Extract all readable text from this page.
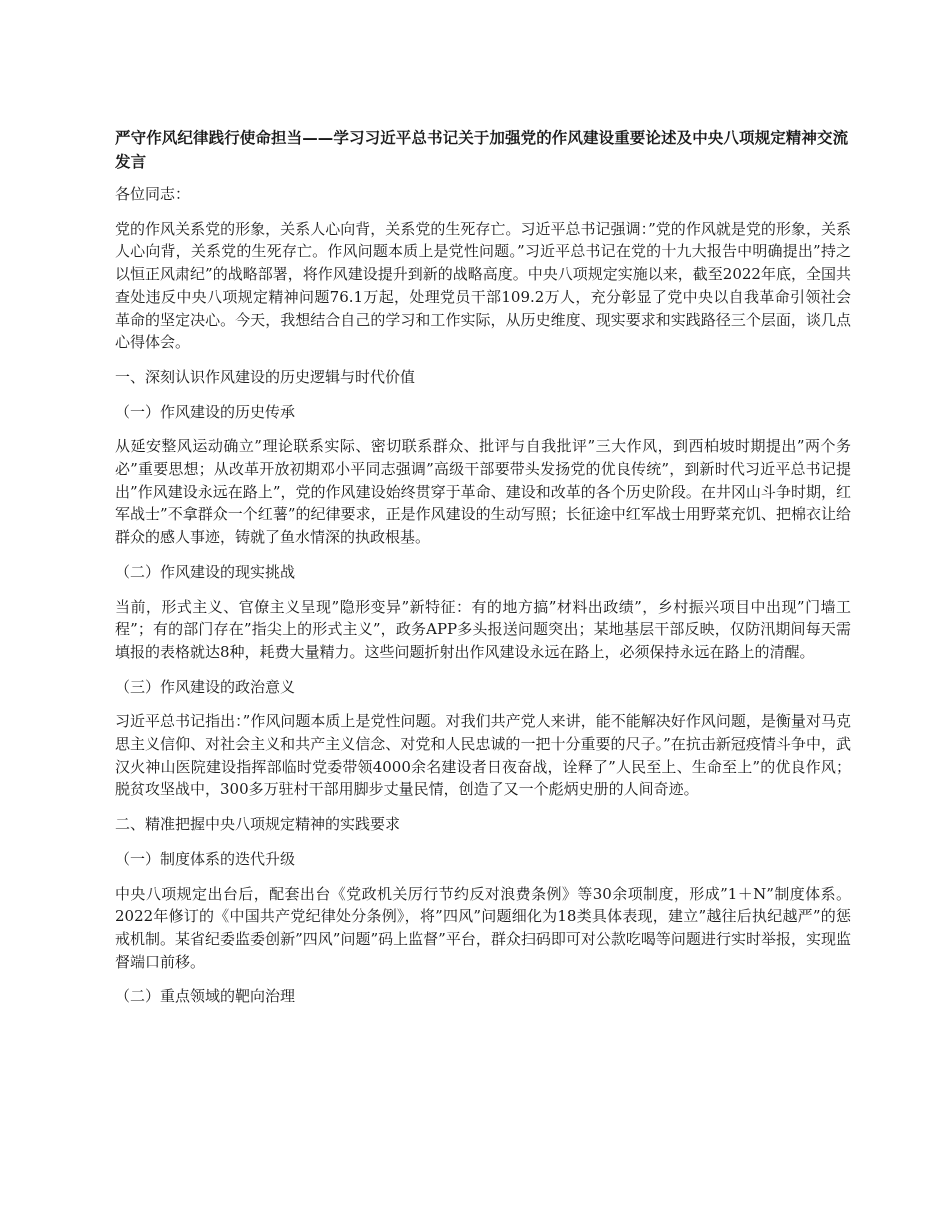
严守作风纪律践行使命担当——学习习近平总书记关于加强党的作风建设重要论述及中央八项规定精神交流发言
各位同志：
党的作风关系党的形象，关系人心向背，关系党的生死存亡。习近平总书记强调：”党的作风就是党的形象，关系人心向背，关系党的生死存亡。作风问题本质上是党性问题。”习近平总书记在党的十九大报告中明确提出”持之以恒正风肃纪”的战略部署，将作风建设提升到新的战略高度。中央八项规定实施以来，截至2022年底，全国共查处违反中央八项规定精神问题76.1万起，处理党员干部109.2万人，充分彰显了党中央以自我革命引领社会革命的坚定决心。今天，我想结合自己的学习和工作实际，从历史维度、现实要求和实践路径三个层面，谈几点心得体会。
一、深刻认识作风建设的历史逻辑与时代价值
（一）作风建设的历史传承
从延安整风运动确立”理论联系实际、密切联系群众、批评与自我批评”三大作风，到西柏坡时期提出”两个务必”重要思想；从改革开放初期邓小平同志强调”高级干部要带头发扬党的优良传统”，到新时代习近平总书记提出”作风建设永远在路上”，党的作风建设始终贯穿于革命、建设和改革的各个历史阶段。在井冈山斗争时期，红军战士”不拿群众一个红薯”的纪律要求，正是作风建设的生动写照；长征途中红军战士用野菜充饥、把棉衣让给群众的感人事迹，铸就了鱼水情深的执政根基。
（二）作风建设的现实挑战
当前，形式主义、官僚主义呈现”隐形变异”新特征：有的地方搞”材料出政绩”，乡村振兴项目中出现”门墙工程”；有的部门存在”指尖上的形式主义”，政务APP多头报送问题突出；某地基层干部反映，仅防汛期间每天需填报的表格就达8种，耗费大量精力。这些问题折射出作风建设永远在路上，必须保持永远在路上的清醒。
（三）作风建设的政治意义
习近平总书记指出：”作风问题本质上是党性问题。对我们共产党人来讲，能不能解决好作风问题，是衡量对马克思主义信仰、对社会主义和共产主义信念、对党和人民忠诚的一把十分重要的尺子。”在抗击新冠疫情斗争中，武汉火神山医院建设指挥部临时党委带领4000余名建设者日夜奋战，诠释了”人民至上、生命至上”的优良作风；脱贫攻坚战中，300多万驻村干部用脚步丈量民情，创造了又一个彪炳史册的人间奇迹。
二、精准把握中央八项规定精神的实践要求
（一）制度体系的迭代升级
中央八项规定出台后，配套出台《党政机关厉行节约反对浪费条例》等30余项制度，形成”1＋N”制度体系。2022年修订的《中国共产党纪律处分条例》，将”四风”问题细化为18类具体表现，建立”越往后执纪越严”的惩戒机制。某省纪委监委创新”四风”问题”码上监督”平台，群众扫码即可对公款吃喝等问题进行实时举报，实现监督端口前移。
（二）重点领域的靶向治理
